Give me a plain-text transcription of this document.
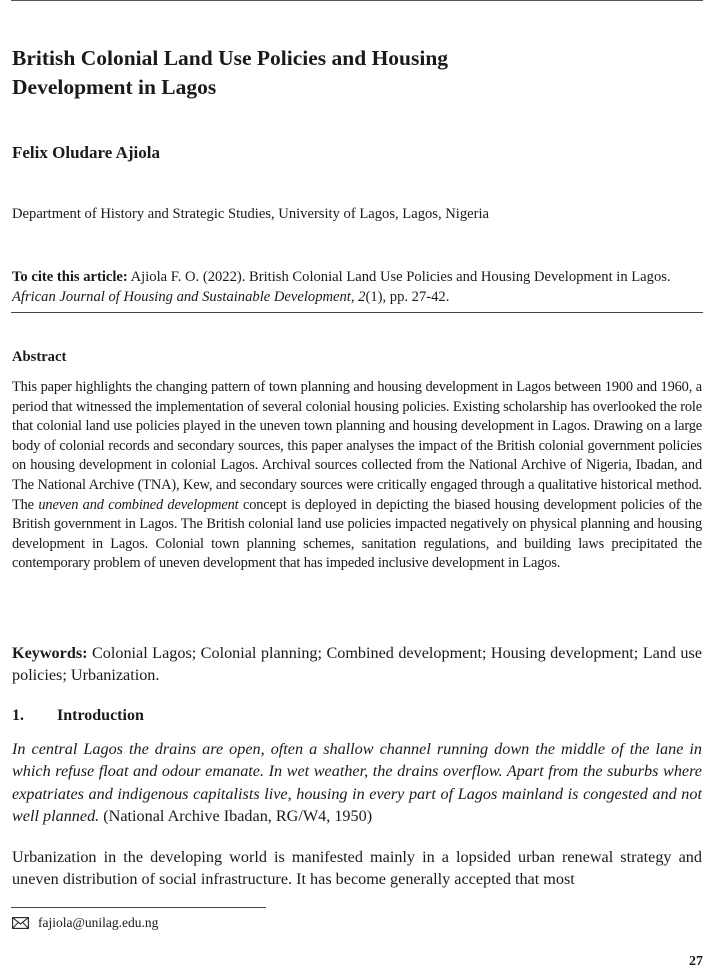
British Colonial Land Use Policies and Housing
Development in Lagos
Felix Oludare Ajiola
Department of History and Strategic Studies, University of Lagos, Lagos, Nigeria
To cite this article: Ajiola F. O. (2022). British Colonial Land Use Policies and Housing Development in Lagos. African Journal of Housing and Sustainable Development, 2(1), pp. 27-42.
Abstract
This paper highlights the changing pattern of town planning and housing development in Lagos between 1900 and 1960, a period that witnessed the implementation of several colonial housing policies. Existing scholarship has overlooked the role that colonial land use policies played in the uneven town planning and housing development in Lagos. Drawing on a large body of colonial records and secondary sources, this paper analyses the impact of the British colonial government policies on housing development in colonial Lagos. Archival sources collected from the National Archive of Nigeria, Ibadan, and The National Archive (TNA), Kew, and secondary sources were critically engaged through a qualitative historical method. The uneven and combined development concept is deployed in depicting the biased housing development policies of the British government in Lagos. The British colonial land use policies impacted negatively on physical planning and housing development in Lagos. Colonial town planning schemes, sanitation regulations, and building laws precipitated the contemporary problem of uneven development that has impeded inclusive development in Lagos.
Keywords: Colonial Lagos; Colonial planning; Combined development; Housing development; Land use policies; Urbanization.
1. Introduction
In central Lagos the drains are open, often a shallow channel running down the middle of the lane in which refuse float and odour emanate. In wet weather, the drains overflow. Apart from the suburbs where expatriates and indigenous capitalists live, housing in every part of Lagos mainland is congested and not well planned. (National Archive Ibadan, RG/W4, 1950)
Urbanization in the developing world is manifested mainly in a lopsided urban renewal strategy and uneven distribution of social infrastructure. It has become generally accepted that most
fajiola@unilag.edu.ng
27
